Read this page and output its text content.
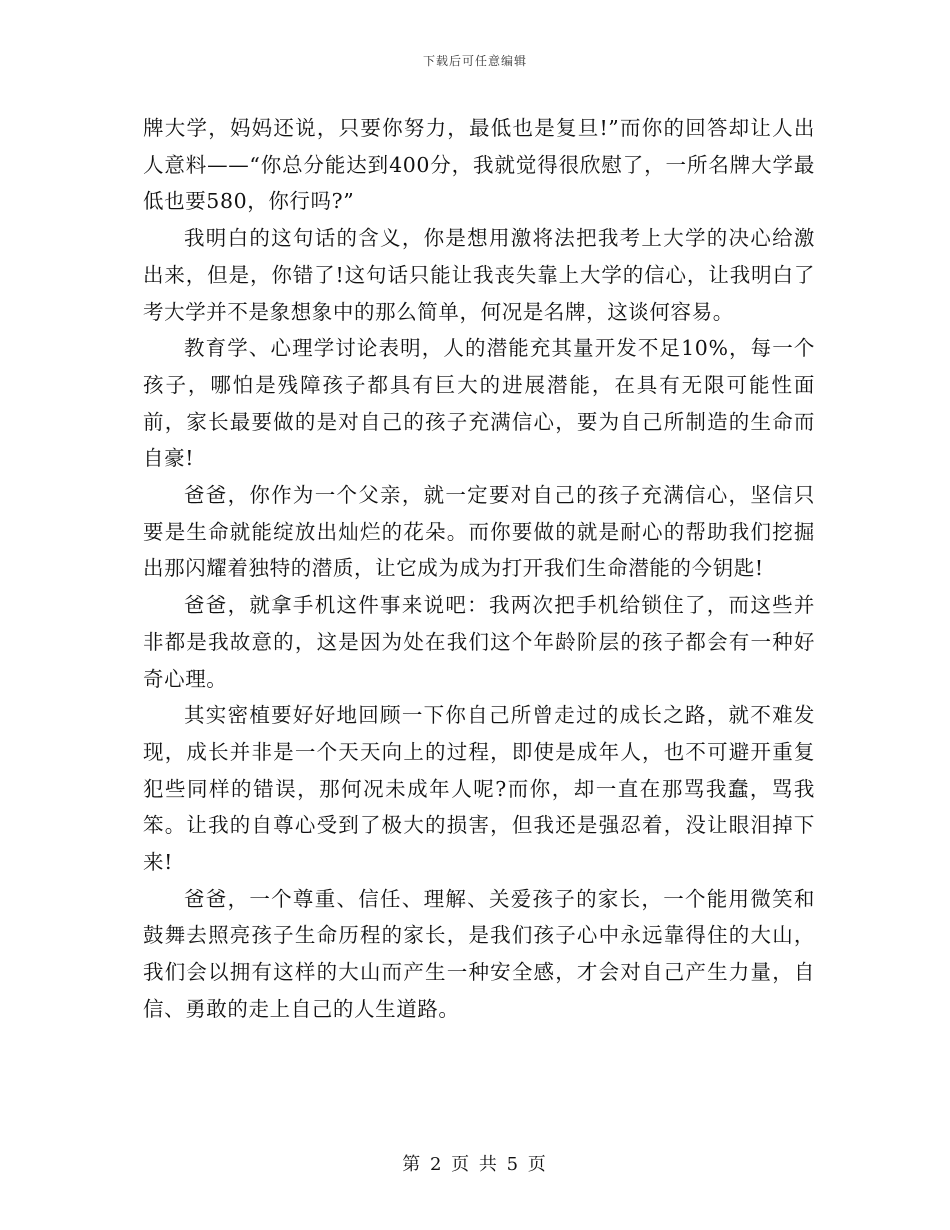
下载后可任意编辑

牌大学，妈妈还说，只要你努力，最低也是复旦!”而你的回答却让人出人意料——“你总分能达到400分，我就觉得很欣慰了，一所名牌大学最低也要580，你行吗?”

我明白的这句话的含义，你是想用激将法把我考上大学的决心给激出来，但是，你错了!这句话只能让我丧失靠上大学的信心，让我明白了考大学并不是象想象中的那么简单，何况是名牌，这谈何容易。

教育学、心理学讨论表明，人的潜能充其量开发不足10%，每一个孩子，哪怕是残障孩子都具有巨大的进展潜能，在具有无限可能性面前，家长最要做的是对自己的孩子充满信心，要为自己所制造的生命而自豪!

爸爸，你作为一个父亲，就一定要对自己的孩子充满信心，坚信只要是生命就能绽放出灿烂的花朵。而你要做的就是耐心的帮助我们挖掘出那闪耀着独特的潜质，让它成为成为打开我们生命潜能的今钥匙!

爸爸，就拿手机这件事来说吧：我两次把手机给锁住了，而这些并非都是我故意的，这是因为处在我们这个年龄阶层的孩子都会有一种好奇心理。

其实密植要好好地回顾一下你自己所曾走过的成长之路，就不难发现，成长并非是一个天天向上的过程，即使是成年人，也不可避开重复犯些同样的错误，那何况未成年人呢?而你，却一直在那骂我蠢，骂我笨。让我的自尊心受到了极大的损害，但我还是强忍着，没让眼泪掉下来!

爸爸，一个尊重、信任、理解、关爱孩子的家长，一个能用微笑和鼓舞去照亮孩子生命历程的家长，是我们孩子心中永远靠得住的大山，我们会以拥有这样的大山而产生一种安全感，才会对自己产生力量，自信、勇敢的走上自己的人生道路。

第 2 页 共 5 页
